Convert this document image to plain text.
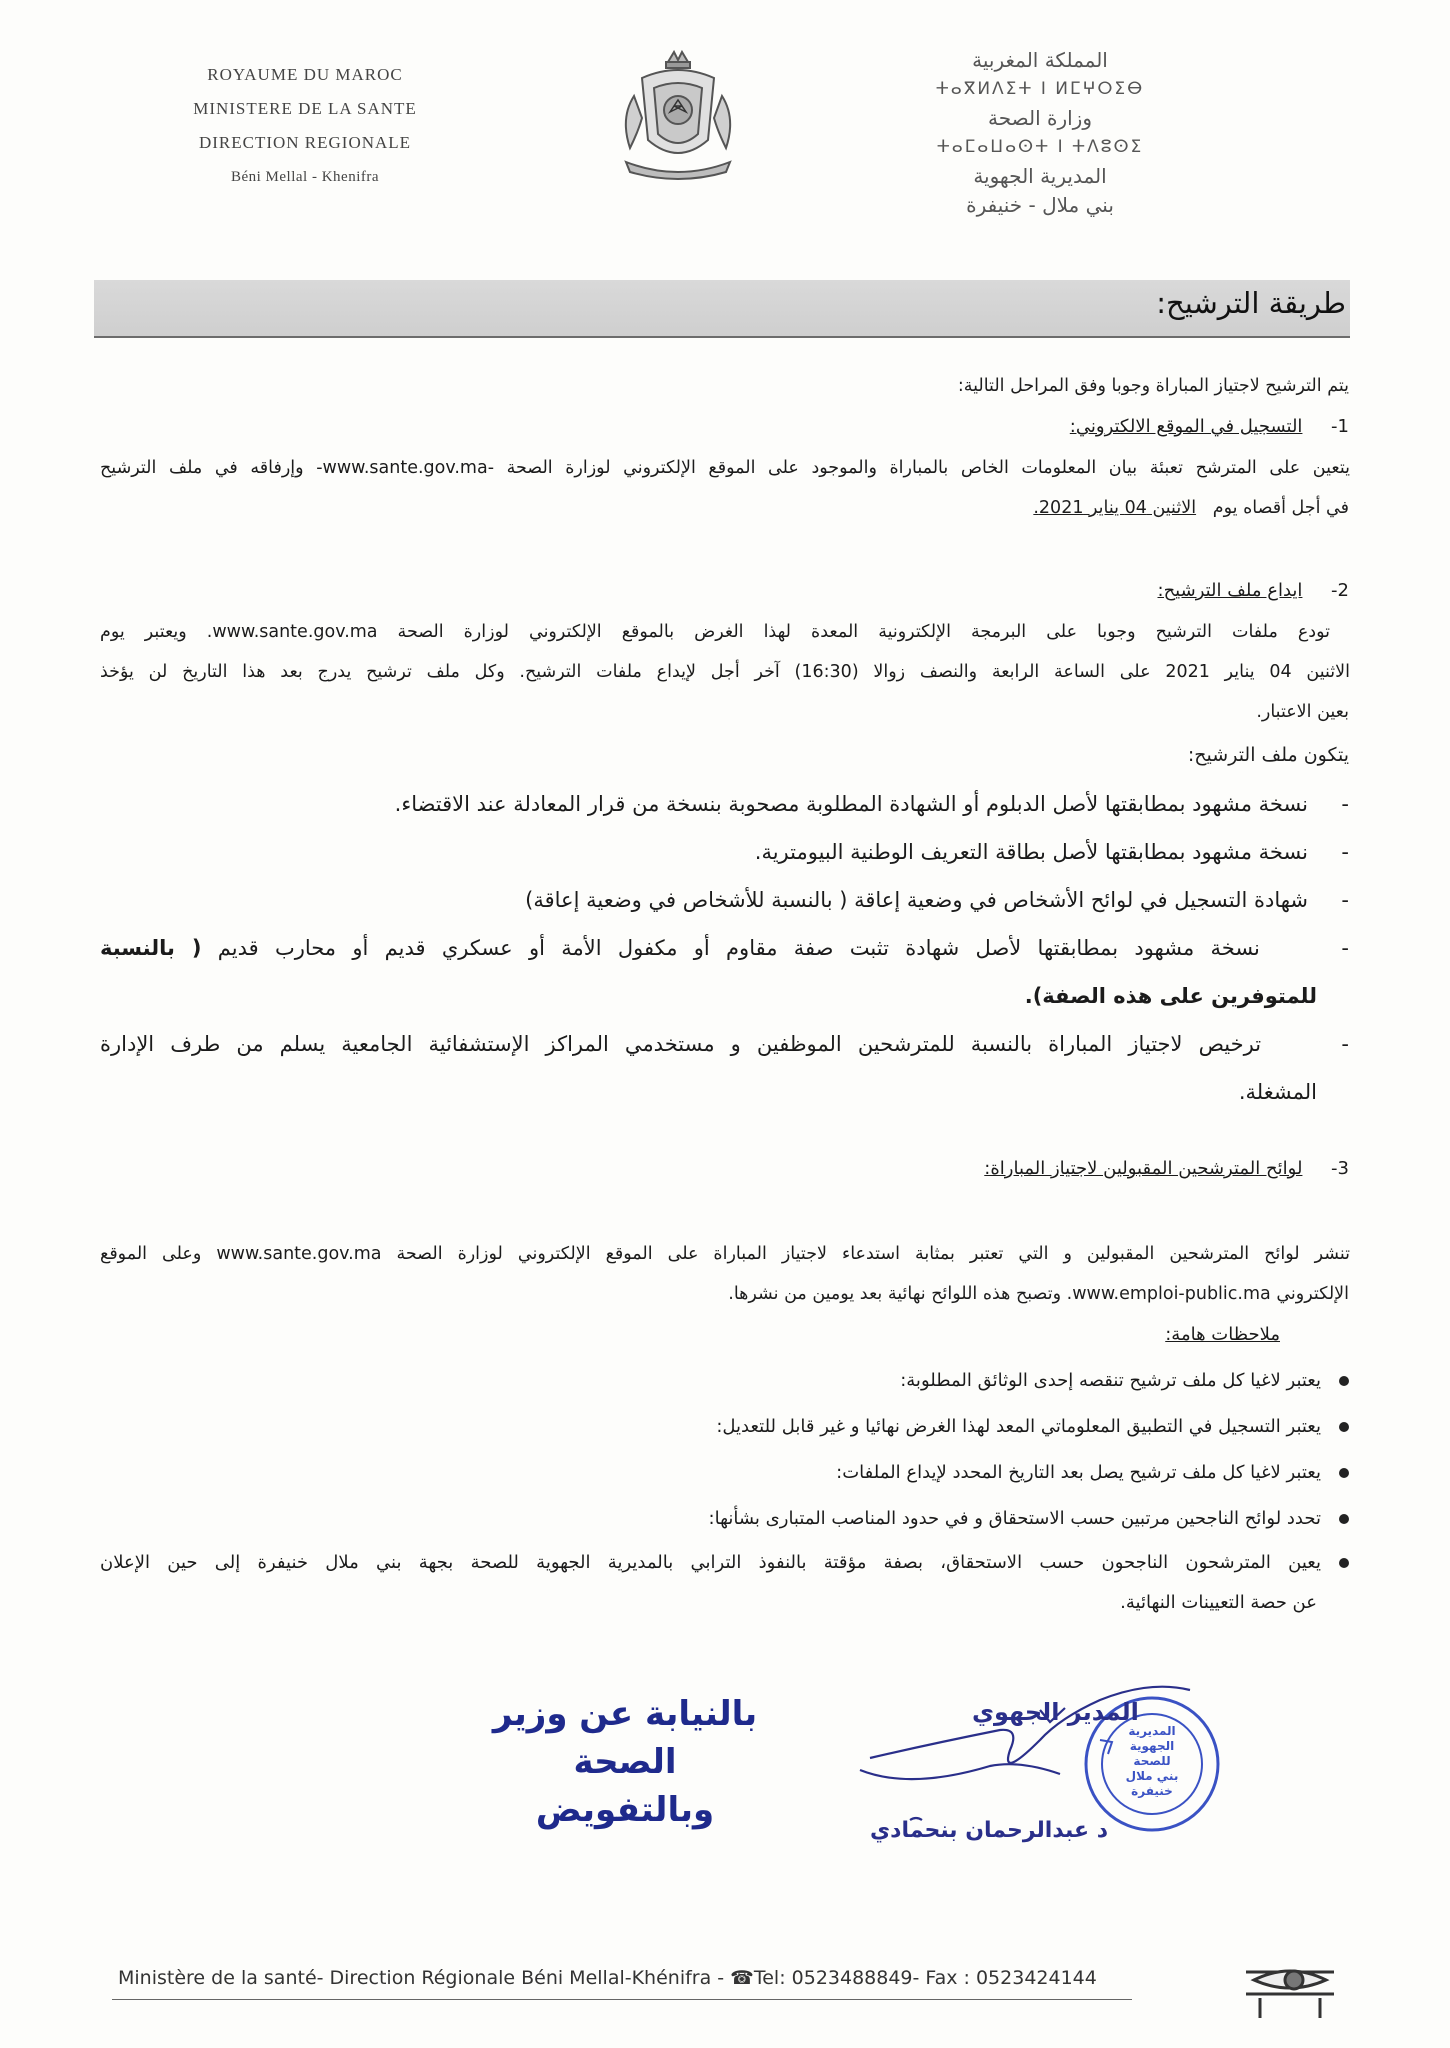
ROYAUME DU MAROC
MINISTERE DE LA SANTE
DIRECTION REGIONALE
Béni Mellal - Khenifra
المملكة المغربية
ⵜⴰⴳⵍⴷⵉⵜ ⵏ ⵍⵎⵖⵔⵉⴱ
وزارة الصحة
ⵜⴰⵎⴰⵡⴰⵙⵜ ⵏ ⵜⴷⵓⵙⵉ
المديرية الجهوية
بني ملال - خنيفرة
طريقة الترشيح:
يتم الترشيح لاجتياز المباراة وجوبا وفق المراحل التالية:
1-     التسجيل في الموقع الالكتروني:
يتعين على المترشح تعبئة بيان المعلومات الخاص بالمباراة والموجود على الموقع الإلكتروني لوزارة الصحة -www.sante.gov.ma- وإرفاقه في ملف الترشيح
في أجل أقصاه يوم   الاثنين 04 يناير 2021.
2-     ايداع ملف الترشيح:
تودع ملفات الترشيح وجوبا على البرمجة الإلكترونية المعدة لهذا الغرض بالموقع الإلكتروني لوزارة الصحة www.sante.gov.ma. ويعتبر يوم
الاثنين 04 يناير 2021 على الساعة الرابعة والنصف زوالا (16:30) آخر أجل لإيداع ملفات الترشيح. وكل ملف ترشيح يدرج بعد هذا التاريخ لن يؤخذ
بعين الاعتبار.
يتكون ملف الترشيح:
-     نسخة مشهود بمطابقتها لأصل الدبلوم أو الشهادة المطلوبة مصحوبة بنسخة من قرار المعادلة عند الاقتضاء.
-     نسخة مشهود بمطابقتها لأصل بطاقة التعريف الوطنية البيومترية.
-     شهادة التسجيل في لوائح الأشخاص في وضعية إعاقة ( بالنسبة للأشخاص في وضعية إعاقة)
-     نسخة مشهود بمطابقتها لأصل شهادة تثبت صفة مقاوم أو مكفول الأمة أو عسكري قديم أو محارب قديم ( بالنسبة
للمتوفرين على هذه الصفة).
-     ترخيص لاجتياز المباراة بالنسبة للمترشحين الموظفين و مستخدمي المراكز الإستشفائية الجامعية يسلم من طرف الإدارة
المشغلة.
3-     لوائح المترشحين المقبولين لاجتياز المباراة:
تنشر لوائح المترشحين المقبولين و التي تعتبر بمثابة استدعاء لاجتياز المباراة على الموقع الإلكتروني لوزارة الصحة www.sante.gov.ma وعلى الموقع
الإلكتروني www.emploi-public.ma. وتصبح هذه اللوائح نهائية بعد يومين من نشرها.
ملاحظات هامة:
يعتبر لاغيا كل ملف ترشيح تنقصه إحدى الوثائق المطلوبة:
يعتبر التسجيل في التطبيق المعلوماتي المعد لهذا الغرض نهائيا و غير قابل للتعديل:
يعتبر لاغيا كل ملف ترشيح يصل بعد التاريخ المحدد لإيداع الملفات:
تحدد لوائح الناجحين مرتبين حسب الاستحقاق و في حدود المناصب المتبارى بشأنها:
يعين المترشحون الناجحون حسب الاستحقاق، بصفة مؤقتة بالنفوذ الترابي بالمديرية الجهوية للصحة بجهة بني ملال خنيفرة إلى حين الإعلان
عن حصة التعيينات النهائية.
بالنيابة عن وزير الصحة
وبالتفويض
المدير الجهوي
المديرية
الجهوية
للصحة
بني ملال
خنيفرة
د عبدالرحمان بنحمادي
Ministère de la santé- Direction Régionale Béni Mellal-Khénifra - ☎Tel: 0523488849- Fax : 0523424144
